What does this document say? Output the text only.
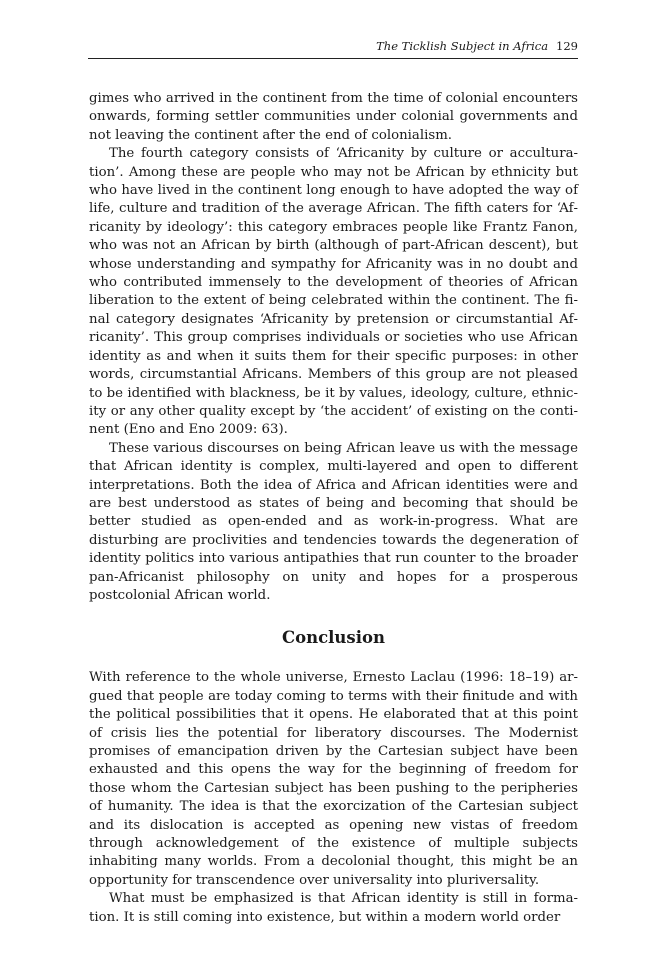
The Ticklish Subject in Africa 129

gimes who arrived in the continent from the time of colonial encounters onwards, forming settler communities under colonial governments and not leaving the continent after the end of colonialism.

The fourth category consists of ‘Africanity by culture or acculturation’. Among these are people who may not be African by ethnicity but who have lived in the continent long enough to have adopted the way of life, culture and tradition of the average African. The fifth caters for ‘Africanity by ideology’: this category embraces people like Frantz Fanon, who was not an African by birth (although of part-African descent), but whose understanding and sympathy for Africanity was in no doubt and who contributed immensely to the development of theories of African liberation to the extent of being celebrated within the continent. The final category designates ‘Africanity by pretension or circumstantial Africanity’. This group comprises individuals or societies who use African identity as and when it suits them for their specific purposes: in other words, circumstantial Africans. Members of this group are not pleased to be identified with blackness, be it by values, ideology, culture, ethnicity or any other quality except by ‘the accident’ of existing on the continent (Eno and Eno 2009: 63).

These various discourses on being African leave us with the message that African identity is complex, multi-layered and open to different interpretations. Both the idea of Africa and African identities were and are best understood as states of being and becoming that should be better studied as open-ended and as work-in-progress. What are disturbing are proclivities and tendencies towards the degeneration of identity politics into various antipathies that run counter to the broader pan-Africanist philosophy on unity and hopes for a prosperous postcolonial African world.

Conclusion

With reference to the whole universe, Ernesto Laclau (1996: 18–19) argued that people are today coming to terms with their finitude and with the political possibilities that it opens. He elaborated that at this point of crisis lies the potential for liberatory discourses. The Modernist promises of emancipation driven by the Cartesian subject have been exhausted and this opens the way for the beginning of freedom for those whom the Cartesian subject has been pushing to the peripheries of humanity. The idea is that the exorcization of the Cartesian subject and its dislocation is accepted as opening new vistas of freedom through acknowledgement of the existence of multiple subjects inhabiting many worlds. From a decolonial thought, this might be an opportunity for transcendence over universality into pluriversality.

What must be emphasized is that African identity is still in formation. It is still coming into existence, but within a modern world order
